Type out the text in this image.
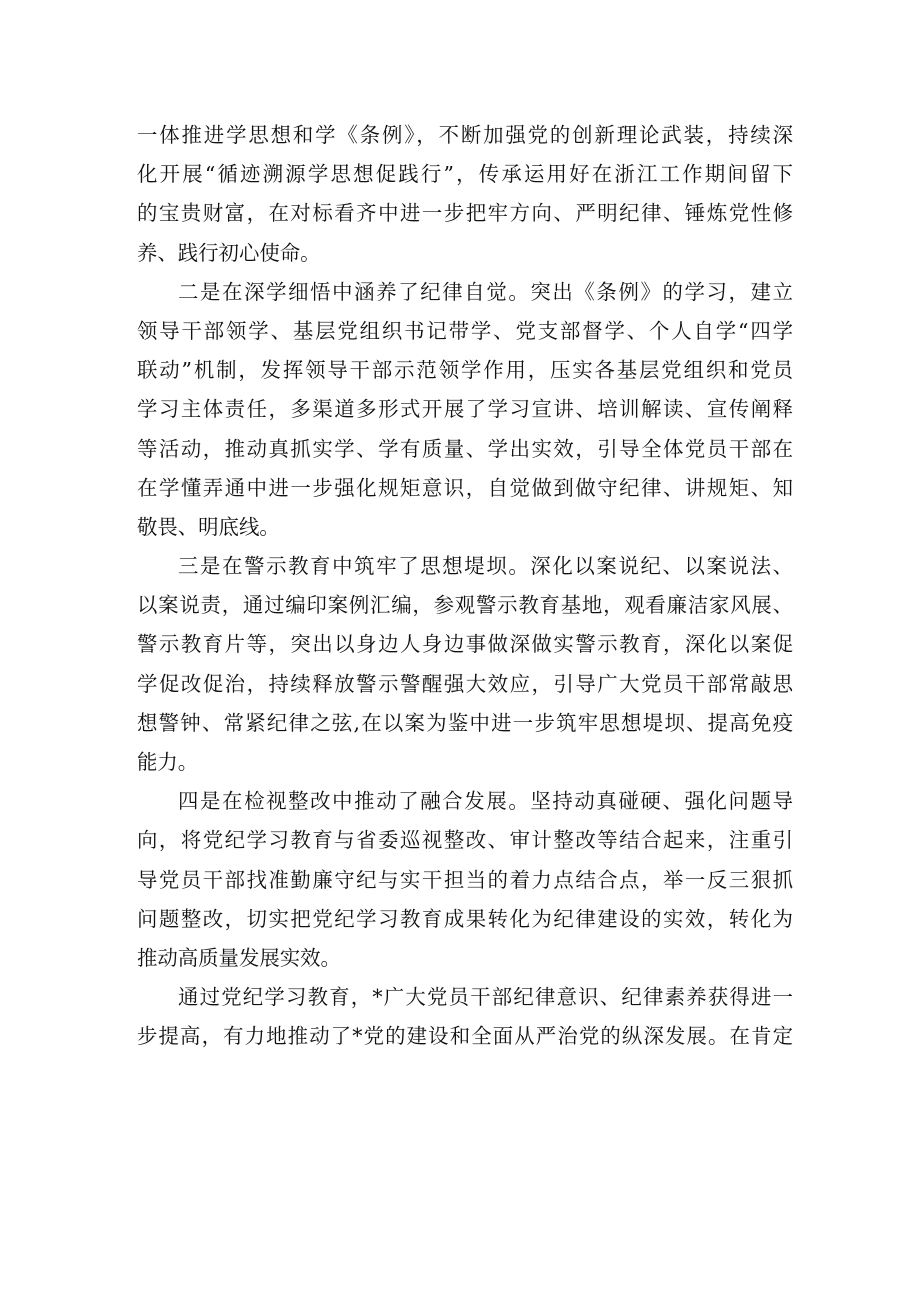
一体推进学思想和学《条例》，不断加强党的创新理论武装，持续深
化开展“循迹溯源学思想促践行”，传承运用好在浙江工作期间留下
的宝贵财富，在对标看齐中进一步把牢方向、严明纪律、锤炼党性修
养、践行初心使命。

二是在深学细悟中涵养了纪律自觉。突出《条例》的学习，建立
领导干部领学、基层党组织书记带学、党支部督学、个人自学“四学
联动”机制，发挥领导干部示范领学作用，压实各基层党组织和党员
学习主体责任，多渠道多形式开展了学习宣讲、培训解读、宣传阐释
等活动，推动真抓实学、学有质量、学出实效，引导全体党员干部在
在学懂弄通中进一步强化规矩意识，自觉做到做守纪律、讲规矩、知
敬畏、明底线。

三是在警示教育中筑牢了思想堤坝。深化以案说纪、以案说法、
以案说责，通过编印案例汇编，参观警示教育基地，观看廉洁家风展、
警示教育片等，突出以身边人身边事做深做实警示教育，深化以案促
学促改促治，持续释放警示警醒强大效应，引导广大党员干部常敲思
想警钟、常紧纪律之弦,在以案为鉴中进一步筑牢思想堤坝、提高免疫
能力。

四是在检视整改中推动了融合发展。坚持动真碰硬、强化问题导
向，将党纪学习教育与省委巡视整改、审计整改等结合起来，注重引
导党员干部找准勤廉守纪与实干担当的着力点结合点，举一反三狠抓
问题整改，切实把党纪学习教育成果转化为纪律建设的实效，转化为
推动高质量发展实效。

通过党纪学习教育，*广大党员干部纪律意识、纪律素养获得进一
步提高，有力地推动了*党的建设和全面从严治党的纵深发展。在肯定
